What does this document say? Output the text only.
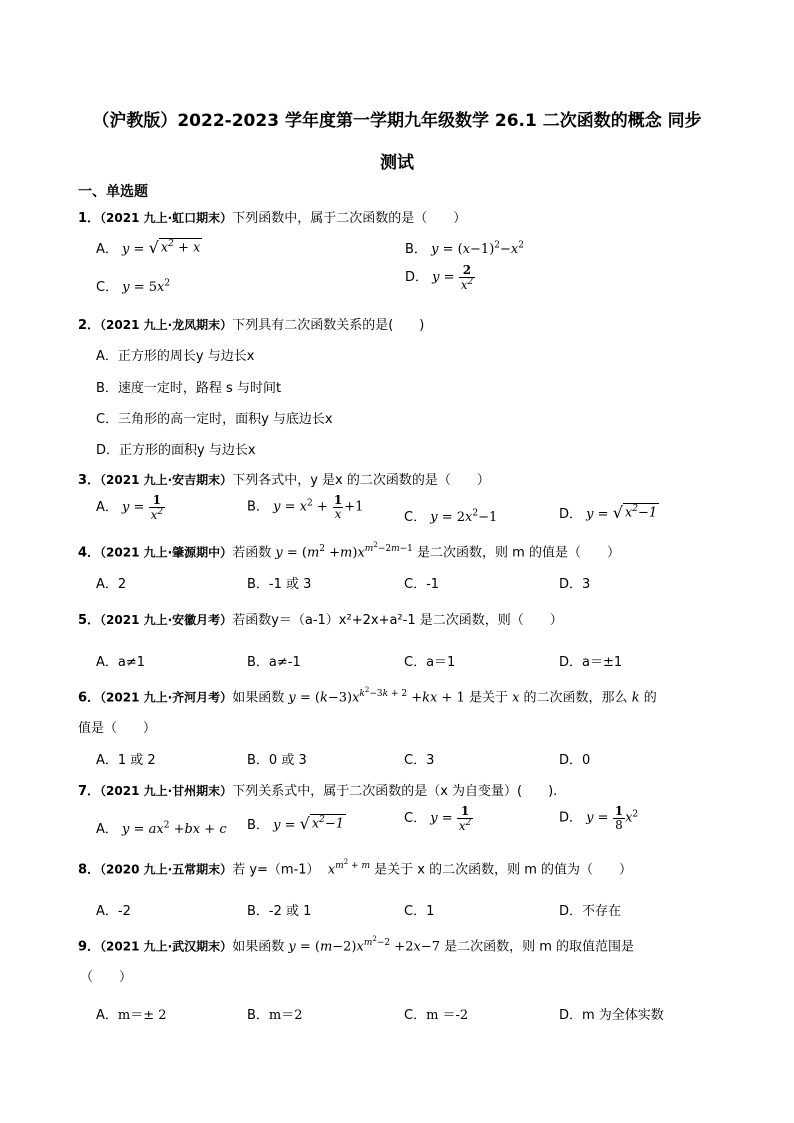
（沪教版）2022-2023 学年度第一学期九年级数学 26.1 二次函数的概念 同步
测试
一、单选题
1．（2021 九上·虹口期末）下列函数中，属于二次函数的是（　　）
A． y = √ $x^2 + x$	B． $y = (x-1)^2-x^2$
C． $y = 5x^2$	D． $y = \frac{2}{x^2}$
2．（2021 九上·龙凤期末）下列具有二次函数关系的是(　　)
A．正方形的周长y 与边长x
B．速度一定时，路程 s 与时间t
C．三角形的高一定时，面积y 与底边长x
D．正方形的面积y 与边长x
3．（2021 九上·安吉期末）下列各式中，y 是x 的二次函数的是（　　）
A． $y = \frac{1}{x^2}$	B． $y = x^2 + \frac{1}{x} +1$
C． $y = 2x^2-1$	D． y = √ $x^2-1$
4．（2021 九上·肇源期中）若函数 $y = (m^2 +m)x^{m^2-2m-1}$ 是二次函数，则 m 的值是（　　）
A．2	B．-1 或 3	C．-1	D．3
5．（2021 九上·安徽月考）若函数y＝（a-1）x²+2x+a²-1 是二次函数，则（　　）
A．a≠1	B．a≠-1	C．a＝1	D．a＝±1
6．（2021 九上·齐河月考）如果函数 $y = (k-3)x^{k^2-3k + 2} +kx + 1$ 是关于 x 的二次函数，那么 k 的
值是（　　）
A．1 或 2	B．0 或 3	C．3	D．0
7．（2021 九上·甘州期末）下列关系式中，属于二次函数的是（x 为自变量）(　　).
A． $y = ax^2 +bx + c$ B． y = √ $x^2-1$	C． $y = \frac{1}{x^2}$	D． $y = \frac{1}{8} x^2$
8．（2020 九上·五常期末）若 y=（m-1） $x^{m^2 + m}$ 是关于 x 的二次函数，则 m 的值为（　　）
A．-2	B．-2 或 1	C．1	D．不存在
9．（2021 九上·武汉期末）如果函数 $y = (m-2)x^{m^2-2} +2x-7$ 是二次函数，则 m 的取值范围是
（　　）
A．m＝± 2	B．m＝2	C．m ＝-2	D．m 为全体实数
